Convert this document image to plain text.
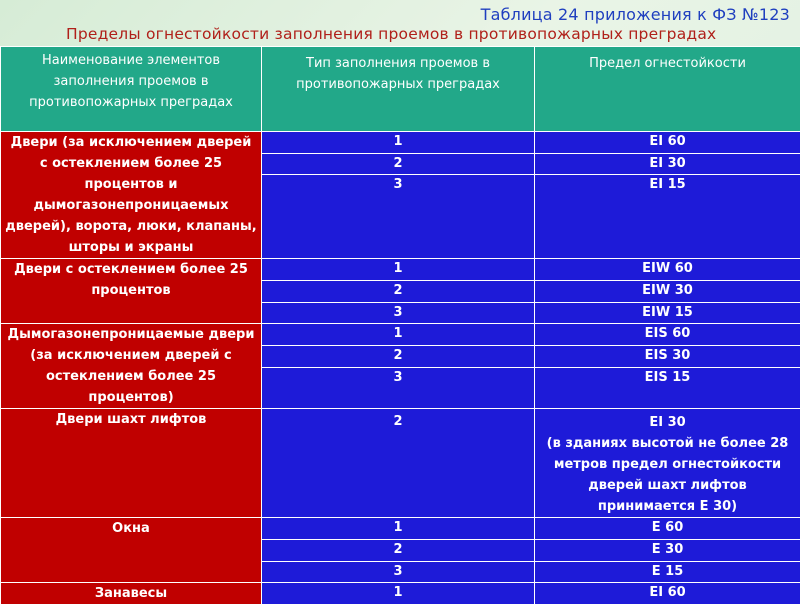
Таблица 24 приложения к ФЗ №123
Пределы огнестойкости заполнения проемов в противопожарных преградах
Наименование элементов заполнения проемов в противопожарных преградах	Тип заполнения проемов в противопожарных преградах	Предел огнестойкости
Двери (за исключением дверей с остеклением более 25 процентов и дымогазонепроницаемых дверей), ворота, люки, клапаны, шторы и экраны	1	EI 60
	2	EI 30
	3	EI 15
Двери с остеклением более 25 процентов	1	EIW 60
	2	EIW 30
	3	EIW 15
Дымогазонепроницаемые двери (за исключением дверей с остеклением более 25 процентов)	1	EIS 60
	2	EIS 30
	3	EIS 15
Двери шахт лифтов	2	EI 30
(в зданиях высотой не более 28 метров предел огнестойкости дверей шахт лифтов принимается Е 30)
Окна	1	Е 60
	2	Е 30
	3	Е 15
Занавесы	1	EI 60
